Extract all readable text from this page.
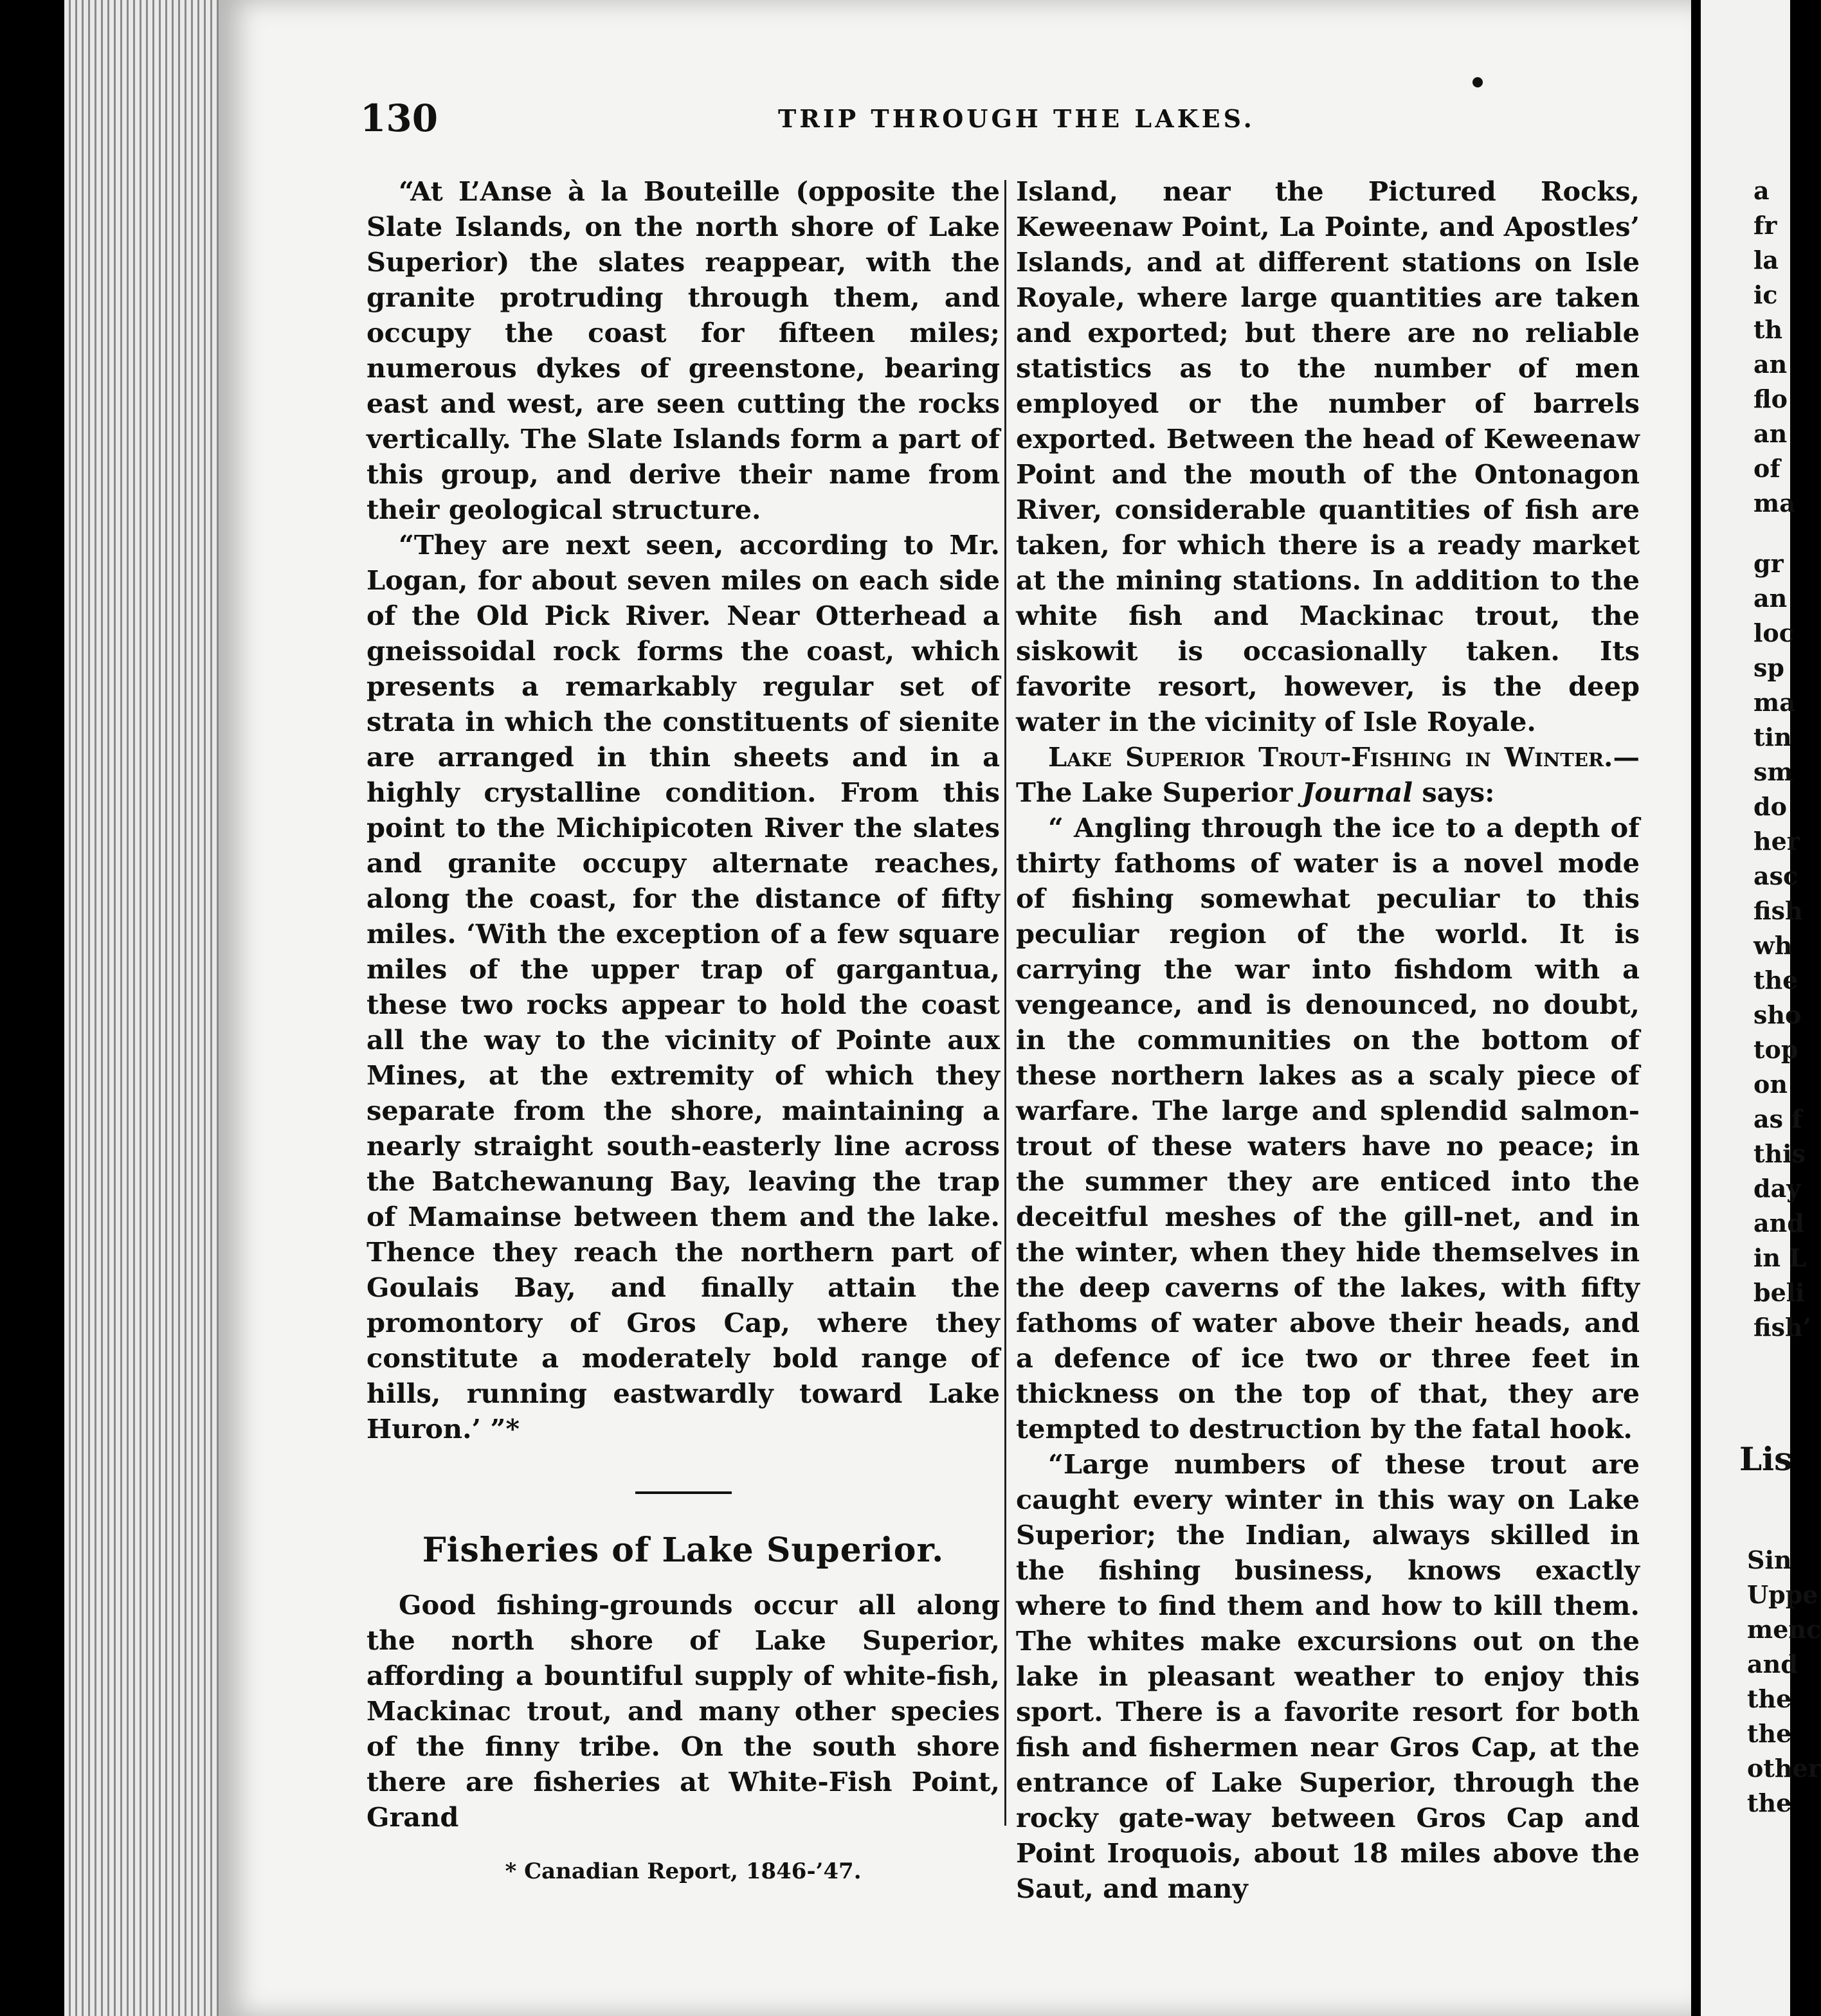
130	TRIP THROUGH THE LAKES.

“At L’Anse à la Bouteille (opposite the Slate Islands, on the north shore of Lake Superior) the slates reappear, with the granite protruding through them, and occupy the coast for fifteen miles; numerous dykes of greenstone, bearing east and west, are seen cutting the rocks vertically. The Slate Islands form a part of this group, and derive their name from their geological structure.

“They are next seen, according to Mr. Logan, for about seven miles on each side of the Old Pick River. Near Otterhead a gneissoidal rock forms the coast, which presents a remarkably regular set of strata in which the constituents of sienite are arranged in thin sheets and in a highly crystalline condition. From this point to the Michipicoten River the slates and granite occupy alternate reaches, along the coast, for the distance of fifty miles. ‘With the exception of a few square miles of the upper trap of gargantua, these two rocks appear to hold the coast all the way to the vicinity of Pointe aux Mines, at the extremity of which they separate from the shore, maintaining a nearly straight south-easterly line across the Batchewanung Bay, leaving the trap of Mamainse between them and the lake. Thence they reach the northern part of Goulais Bay, and finally attain the promontory of Gros Cap, where they constitute a moderately bold range of hills, running eastwardly toward Lake Huron.’ ”*

Fisheries of Lake Superior.

Good fishing-grounds occur all along the north shore of Lake Superior, affording a bountiful supply of white-fish, Mackinac trout, and many other species of the finny tribe. On the south shore there are fisheries at White-Fish Point, Grand

* Canadian Report, 1846-’47.

Island, near the Pictured Rocks, Keweenaw Point, La Pointe, and Apostles’ Islands, and at different stations on Isle Royale, where large quantities are taken and exported; but there are no reliable statistics as to the number of men employed or the number of barrels exported. Between the head of Keweenaw Point and the mouth of the Ontonagon River, considerable quantities of fish are taken, for which there is a ready market at the mining stations. In addition to the white fish and Mackinac trout, the siskowit is occasionally taken. Its favorite resort, however, is the deep water in the vicinity of Isle Royale.

Lake Superior Trout-Fishing in Winter.—The Lake Superior Journal says:

“ Angling through the ice to a depth of thirty fathoms of water is a novel mode of fishing somewhat peculiar to this peculiar region of the world. It is carrying the war into fishdom with a vengeance, and is denounced, no doubt, in the communities on the bottom of these northern lakes as a scaly piece of warfare. The large and splendid salmon-trout of these waters have no peace; in the summer they are enticed into the deceitful meshes of the gill-net, and in the winter, when they hide themselves in the deep caverns of the lakes, with fifty fathoms of water above their heads, and a defence of ice two or three feet in thickness on the top of that, they are tempted to destruction by the fatal hook.

“Large numbers of these trout are caught every winter in this way on Lake Superior; the Indian, always skilled in the fishing business, knows exactly where to find them and how to kill them. The whites make excursions out on the lake in pleasant weather to enjoy this sport. There is a favorite resort for both fish and fishermen near Gros Cap, at the entrance of Lake Superior, through the rocky gate-way between Gros Cap and Point Iroquois, about 18 miles above the Saut, and many

a
fr
la
ic
th
an
flo
an
of
ma
gr
an
loc
sp
ma
tin
sm
do
her
asc
fish
wh
the
sho
top
on
as f
this
day
and
in L
beli
fish’
Lis
Sin
Uppe
menc
and
the
the
other
the
